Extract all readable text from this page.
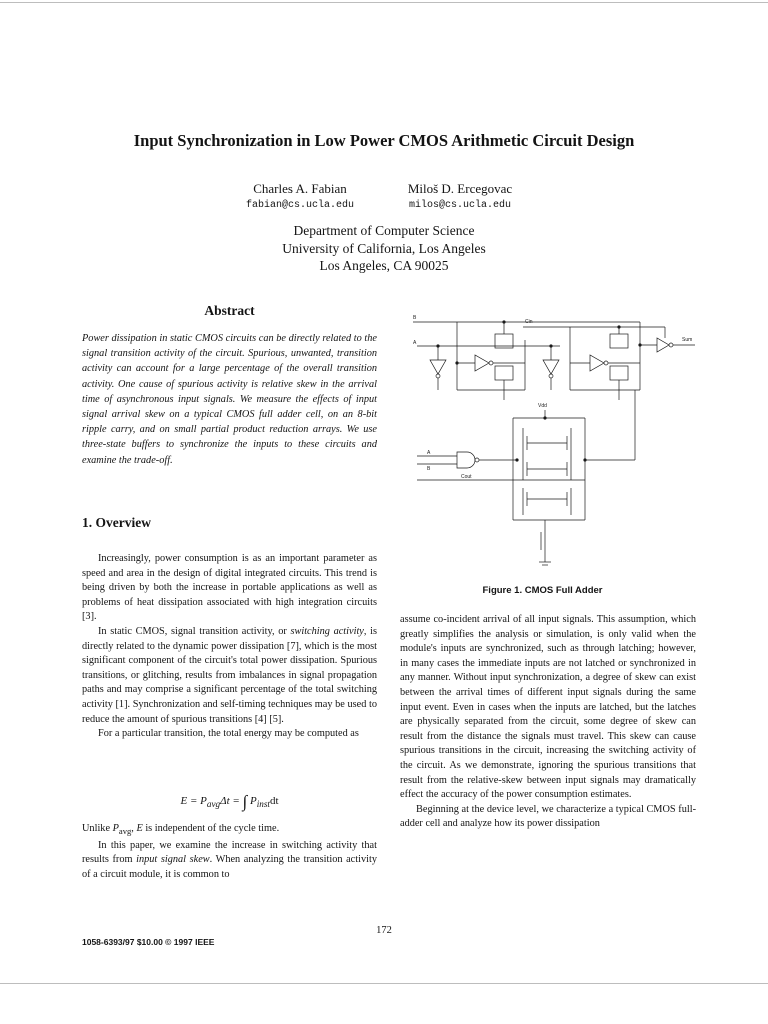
Input Synchronization in Low Power CMOS Arithmetic Circuit Design
Charles A. Fabian
fabian@cs.ucla.edu
Miloš D. Ercegovac
milos@cs.ucla.edu
Department of Computer Science
University of California, Los Angeles
Los Angeles, CA 90025
Abstract

Power dissipation in static CMOS circuits can be directly related to the signal transition activity of the circuit. Spurious, unwanted, transition activity can account for a large percentage of the overall transition activity. One cause of spurious activity is relative skew in the arrival time of asynchronous input signals. We measure the effects of input signal arrival skew on a typical CMOS full adder cell, on an 8-bit ripple carry, and on small partial product reduction arrays. We use three-state buffers to synchronize the inputs to these circuits and examine the trade-off.

1. Overview

Increasingly, power consumption is as an important parameter as speed and area in the design of digital integrated circuits. This trend is being driven by both the increase in portable applications as well as problems of heat dissipation associated with high integration circuits [3].

In static CMOS, signal transition activity, or switching activity, is directly related to the dynamic power dissipation [7], which is the most significant component of the circuit's total power dissipation. Spurious transitions, or glitching, results from imbalances in signal propagation paths and may comprise a significant percentage of the total switching activity [1]. Synchronization and self-timing techniques may be used to reduce the amount of spurious transitions [4] [5].

For a particular transition, the total energy may be computed as

$E = P_{avg}\Delta t$ = ∫ $P_{inst}dt$

Unlike $P_{avg}$, E is independent of the cycle time.

In this paper, we examine the increase in switching activity that results from input signal skew. When analyzing the transition activity of a circuit module, it is common to

B
A
Cin
Sum
Vdd
A
B
Cout
Figure 1. CMOS Full Adder

assume co-incident arrival of all input signals. This assumption, which greatly simplifies the analysis or simulation, is only valid when the module's inputs are synchronized, such as through latching; however, in many cases the immediate inputs are not latched or synchronized in any manner. Without input synchronization, a degree of skew can exist between the arrival times of different input signals during the same input event. Even in cases when the inputs are latched, but the latches are physically separated from the circuit, some degree of skew can result from the distance the signals must travel. This skew can cause spurious transitions in the circuit, increasing the switching activity of the circuit. As we demonstrate, ignoring the spurious transitions that result from the relative-skew between input signals may dramatically effect the accuracy of the power consumption estimates.

Beginning at the device level, we characterize a typical CMOS full-adder cell and analyze how its power dissipation

172
1058-6393/97 $10.00 © 1997 IEEE
